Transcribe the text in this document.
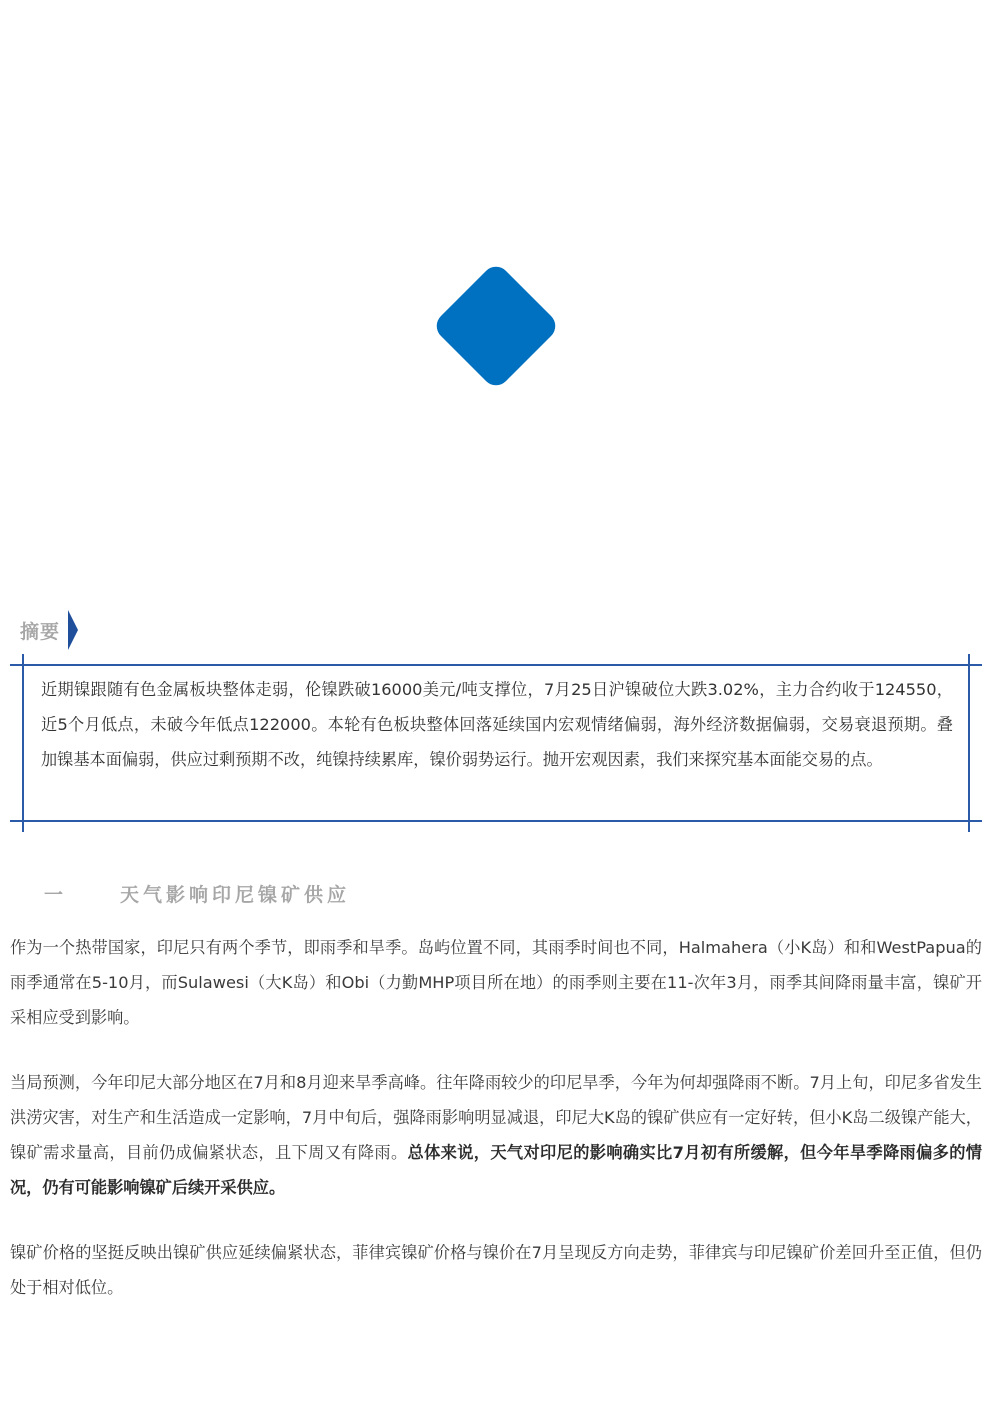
摘要

近期镍跟随有色金属板块整体走弱，伦镍跌破16000美元/吨支撑位，7月25日沪镍破位大跌3.02%，主力合约收于124550，近5个月低点，未破今年低点122000。本轮有色板块整体回落延续国内宏观情绪偏弱，海外经济数据偏弱，交易衰退预期。叠加镍基本面偏弱，供应过剩预期不改，纯镍持续累库，镍价弱势运行。抛开宏观因素，我们来探究基本面能交易的点。

一	天气影响印尼镍矿供应

作为一个热带国家，印尼只有两个季节，即雨季和旱季。岛屿位置不同，其雨季时间也不同，Halmahera（小K岛）和和WestPapua的雨季通常在5-10月，而Sulawesi（大K岛）和Obi（力勤MHP项目所在地）的雨季则主要在11-次年3月，雨季其间降雨量丰富，镍矿开采相应受到影响。

当局预测，今年印尼大部分地区在7月和8月迎来旱季高峰。往年降雨较少的印尼旱季，今年为何却强降雨不断。7月上旬，印尼多省发生洪涝灾害，对生产和生活造成一定影响，7月中旬后，强降雨影响明显减退，印尼大K岛的镍矿供应有一定好转，但小K岛二级镍产能大，镍矿需求量高，目前仍成偏紧状态，且下周又有降雨。总体来说，天气对印尼的影响确实比7月初有所缓解，但今年旱季降雨偏多的情况，仍有可能影响镍矿后续开采供应。

镍矿价格的坚挺反映出镍矿供应延续偏紧状态，菲律宾镍矿价格与镍价在7月呈现反方向走势，菲律宾与印尼镍矿价差回升至正值，但仍处于相对低位。
